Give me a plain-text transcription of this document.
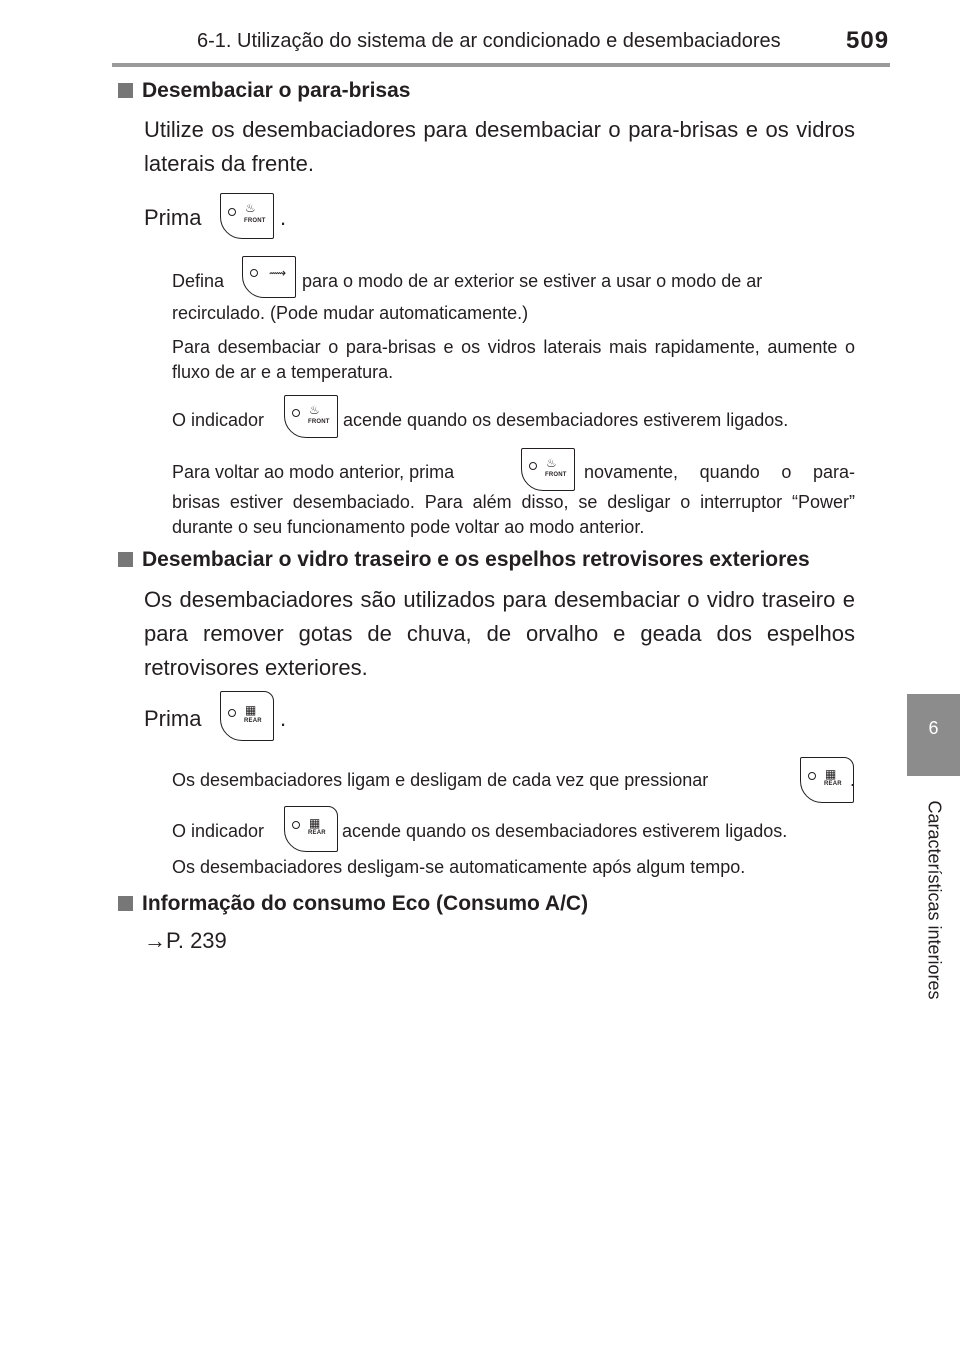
6-1. Utilização do sistema de ar condicionado e desembaciadores	509
6
Características interiores
Desembaciar o para-brisas
Utilize os desembaciadores para desembaciar o para-brisas e os vidros laterais da frente.
Prima	♨
FRONT .
Defina	⟿ para o modo de ar exterior se estiver a usar o modo de ar
recirculado. (Pode mudar automaticamente.)
Para desembaciar o para-brisas e os vidros laterais mais rapidamente, aumente o fluxo de ar e a temperatura.
O indicador	♨
FRONT acende quando os desembaciadores estiverem ligados.
Para voltar ao modo anterior, prima	♨
FRONT novamente, quando o para-
brisas estiver desembaciado. Para além disso, se desligar o interruptor “Power” durante o seu funcionamento pode voltar ao modo anterior.
Desembaciar o vidro traseiro e os espelhos retrovisores exteriores
Os desembaciadores são utilizados para desembaciar o vidro traseiro e para remover gotas de chuva, de orvalho e geada dos espelhos retrovisores exteriores.
Prima	▦
REAR .
Os desembaciadores ligam e desligam de cada vez que pressionar	▦
REAR .
O indicador	▦
REAR acende quando os desembaciadores estiverem ligados.
Os desembaciadores desligam-se automaticamente após algum tempo.
Informação do consumo Eco (Consumo A/C)
→P. 239
